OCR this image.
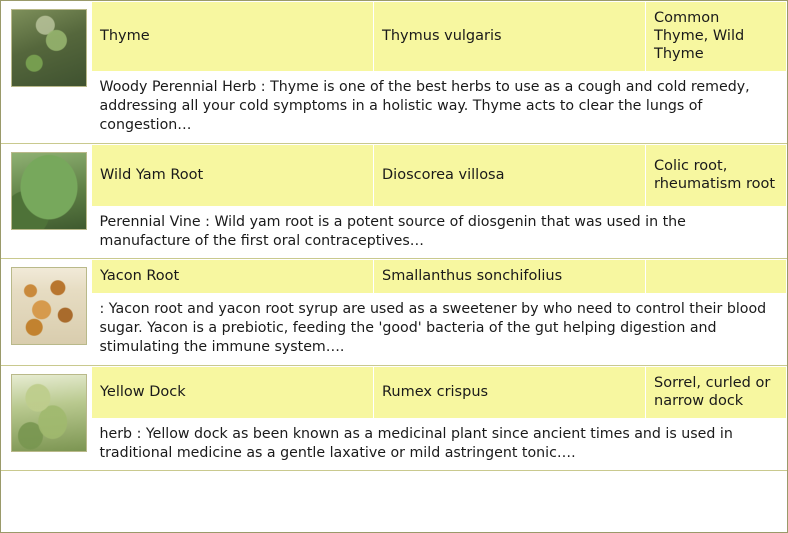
Thyme	Thymus vulgaris	Common Thyme, Wild Thyme
Woody Perennial Herb : Thyme is one of the best herbs to use as a cough and cold remedy, addressing all your cold symptoms in a holistic way. Thyme acts to clear the lungs of congestion…

Wild Yam Root	Dioscorea villosa	Colic root, rheumatism root
Perennial Vine : Wild yam root is a potent source of diosgenin that was used in the manufacture of the first oral contraceptives…

Yacon Root	Smallanthus sonchifolius	
: Yacon root and yacon root syrup are used as a sweetener by who need to control their blood sugar. Yacon is a prebiotic, feeding the 'good' bacteria of the gut helping digestion and stimulating the immune system….

Yellow Dock	Rumex crispus	Sorrel, curled or narrow dock
herb : Yellow dock as been known as a medicinal plant since ancient times and is used in traditional medicine as a gentle laxative or mild astringent tonic….
